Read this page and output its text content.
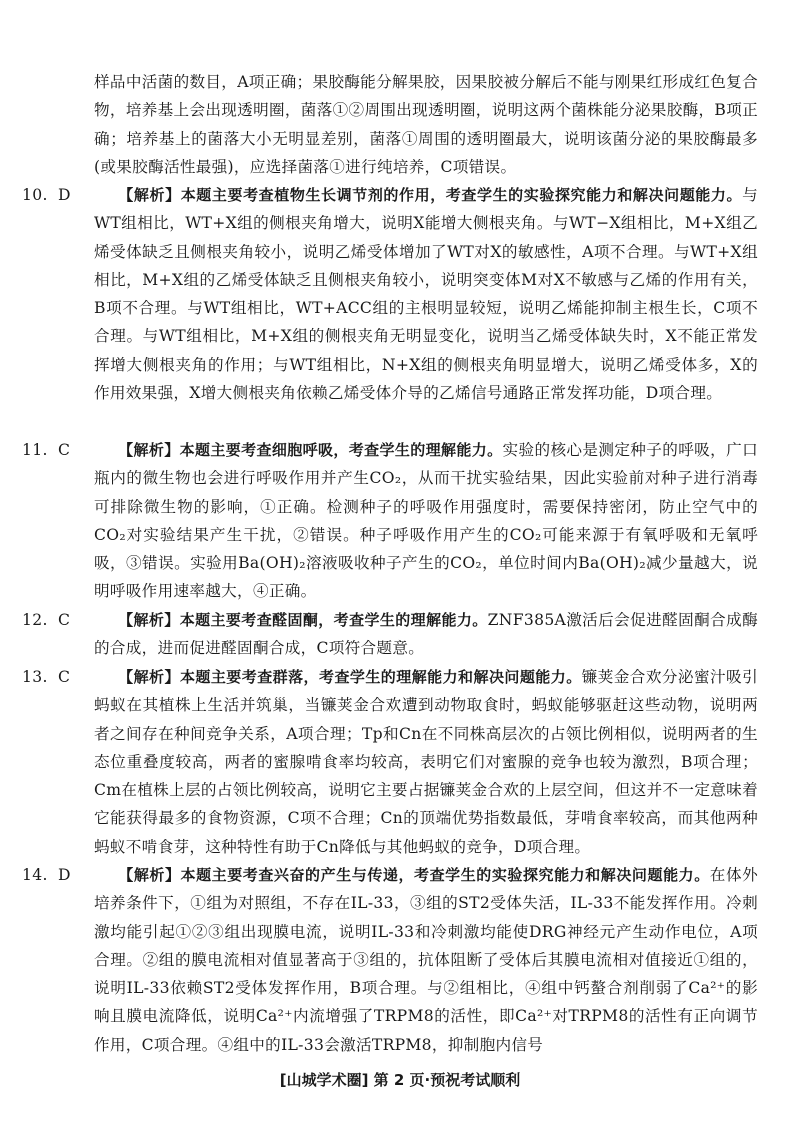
样品中活菌的数目，A项正确；果胶酶能分解果胶，因果胶被分解后不能与刚果红形成红色复合物，培养基上会出现透明圈，菌落①②周围出现透明圈，说明这两个菌株能分泌果胶酶，B项正确；培养基上的菌落大小无明显差别，菌落①周围的透明圈最大，说明该菌分泌的果胶酶最多(或果胶酶活性最强)，应选择菌落①进行纯培养，C项错误。

10. D	【解析】本题主要考查植物生长调节剂的作用，考查学生的实验探究能力和解决问题能力。与WT组相比，WT+X组的侧根夹角增大，说明X能增大侧根夹角。与WT−X组相比，M+X组乙烯受体缺乏且侧根夹角较小，说明乙烯受体增加了WT对X的敏感性，A项不合理。与WT+X组相比，M+X组的乙烯受体缺乏且侧根夹角较小，说明突变体M对X不敏感与乙烯的作用有关，B项不合理。与WT组相比，WT+ACC组的主根明显较短，说明乙烯能抑制主根生长，C项不合理。与WT组相比，M+X组的侧根夹角无明显变化，说明当乙烯受体缺失时，X不能正常发挥增大侧根夹角的作用；与WT组相比，N+X组的侧根夹角明显增大，说明乙烯受体多，X的作用效果强，X增大侧根夹角依赖乙烯受体介导的乙烯信号通路正常发挥功能，D项合理。

11. C	【解析】本题主要考查细胞呼吸，考查学生的理解能力。实验的核心是测定种子的呼吸，广口瓶内的微生物也会进行呼吸作用并产生CO₂，从而干扰实验结果，因此实验前对种子进行消毒可排除微生物的影响，①正确。检测种子的呼吸作用强度时，需要保持密闭，防止空气中的CO₂对实验结果产生干扰，②错误。种子呼吸作用产生的CO₂可能来源于有氧呼吸和无氧呼吸，③错误。实验用Ba(OH)₂溶液吸收种子产生的CO₂，单位时间内Ba(OH)₂减少量越大，说明呼吸作用速率越大，④正确。

12. C	【解析】本题主要考查醛固酮，考查学生的理解能力。ZNF385A激活后会促进醛固酮合成酶的合成，进而促进醛固酮合成，C项符合题意。

13. C	【解析】本题主要考查群落，考查学生的理解能力和解决问题能力。镰荚金合欢分泌蜜汁吸引蚂蚁在其植株上生活并筑巢，当镰荚金合欢遭到动物取食时，蚂蚁能够驱赶这些动物，说明两者之间存在种间竞争关系，A项合理；Tp和Cn在不同株高层次的占领比例相似，说明两者的生态位重叠度较高，两者的蜜腺啃食率均较高，表明它们对蜜腺的竞争也较为激烈，B项合理；Cm在植株上层的占领比例较高，说明它主要占据镰荚金合欢的上层空间，但这并不一定意味着它能获得最多的食物资源，C项不合理；Cn的顶端优势指数最低，芽啃食率较高，而其他两种蚂蚁不啃食芽，这种特性有助于Cn降低与其他蚂蚁的竞争，D项合理。

14. D	【解析】本题主要考查兴奋的产生与传递，考查学生的实验探究能力和解决问题能力。在体外培养条件下，①组为对照组，不存在IL-33，③组的ST2受体失活，IL-33不能发挥作用。冷刺激均能引起①②③组出现膜电流，说明IL-33和冷刺激均能使DRG神经元产生动作电位，A项合理。②组的膜电流相对值显著高于③组的，抗体阻断了受体后其膜电流相对值接近①组的，说明IL-33依赖ST2受体发挥作用，B项合理。与②组相比，④组中钙螯合剂削弱了Ca²⁺的影响且膜电流降低，说明Ca²⁺内流增强了TRPM8的活性，即Ca²⁺对TRPM8的活性有正向调节作用，C项合理。④组中的IL-33会激活TRPM8，抑制胞内信号

[山城学术圈] 第 2 页·预祝考试顺利
